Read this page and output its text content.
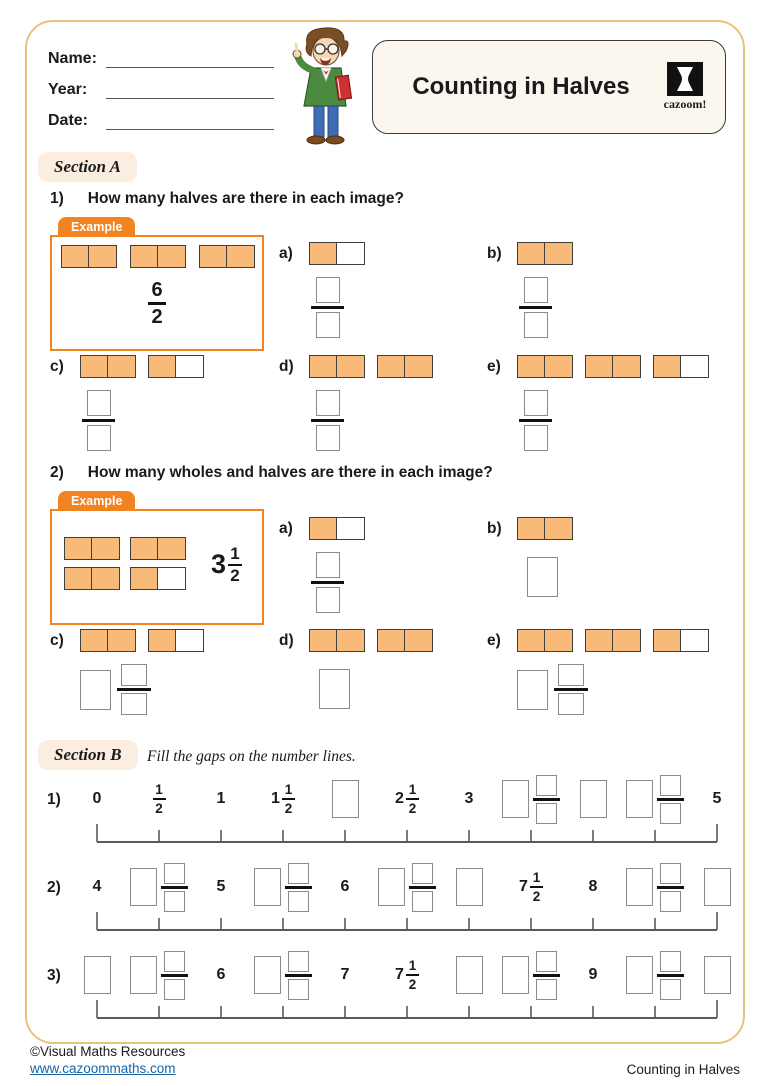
Name:
Year:
Date:
Counting in Halves
cazoom!
Section A
1) How many halves are there in each image?
Example
6
2
a)	b)
c)	d)	e)
2) How many wholes and halves are there in each image?
Example
$3 \frac{1}{2}$
a)	b)
c)	d)	e)
Section B	Fill the gaps on the number lines.
1) 0	$\frac{1}{2}$	1	$1 \frac{1}{2}$	$2 \frac{1}{2}$	3	5
2) 4	5	6	$7 \frac{1}{2}$	8
3)	6	7	$7 \frac{1}{2}$	9
©Visual Maths Resources
www.cazoommaths.com	Counting in Halves
